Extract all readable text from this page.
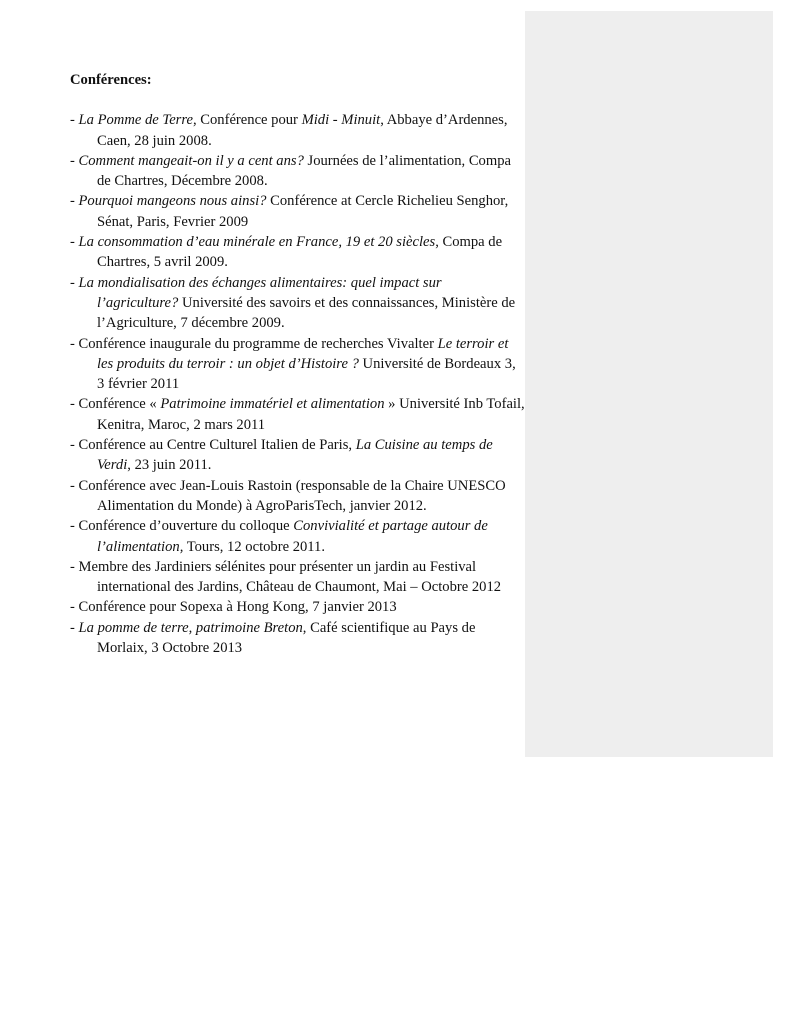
Conférences:

- La Pomme de Terre, Conférence pour Midi - Minuit, Abbaye d’Ardennes, Caen, 28 juin 2008.

- Comment mangeait-on il y a cent ans? Journées de l’alimentation, Compa de Chartres, Décembre 2008.

- Pourquoi mangeons nous ainsi? Conférence at Cercle Richelieu Senghor, Sénat, Paris, Fevrier 2009

- La consommation d’eau minérale en France, 19 et 20 siècles, Compa de Chartres, 5 avril 2009.

- La mondialisation des échanges alimentaires: quel impact sur l’agriculture? Université des savoirs et des connaissances, Ministère de l’Agriculture, 7 décembre 2009.

- Conférence inaugurale du programme de recherches Vivalter Le terroir et les produits du terroir : un objet d’Histoire ? Université de Bordeaux 3, 3 février 2011

- Conférence « Patrimoine immatériel et alimentation » Université Inb Tofail, Kenitra, Maroc, 2 mars 2011

- Conférence au Centre Culturel Italien de Paris, La Cuisine au temps de Verdi, 23 juin 2011.

- Conférence avec Jean-Louis Rastoin (responsable de la Chaire UNESCO Alimentation du Monde) à AgroParisTech, janvier 2012.

- Conférence d’ouverture du colloque Convivialité et partage autour de l’alimentation, Tours, 12 octobre 2011.

- Membre des Jardiniers sélénites pour présenter un jardin au Festival international des Jardins, Château de Chaumont, Mai – Octobre 2012

- Conférence pour Sopexa à Hong Kong, 7 janvier 2013

- La pomme de terre, patrimoine Breton, Café scientifique au Pays de Morlaix, 3 Octobre 2013
